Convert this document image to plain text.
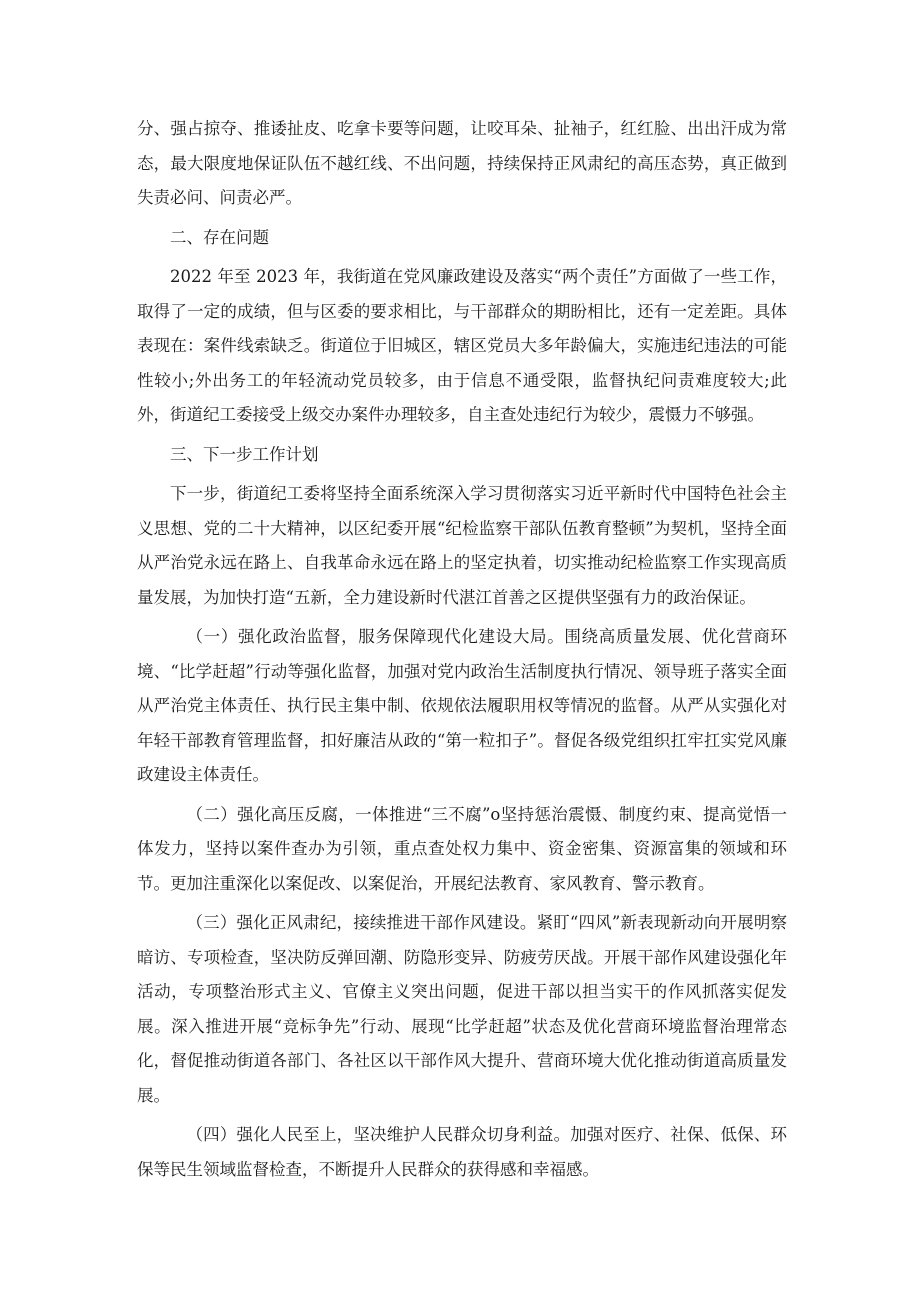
分、强占掠夺、推诿扯皮、吃拿卡要等问题，让咬耳朵、扯袖子，红红脸、出出汗成为常态，最大限度地保证队伍不越红线、不出问题，持续保持正风肃纪的高压态势，真正做到失责必问、问责必严。

二、存在问题

2022 年至 2023 年，我街道在党风廉政建设及落实“两个责任”方面做了一些工作，取得了一定的成绩，但与区委的要求相比，与干部群众的期盼相比，还有一定差距。具体表现在：案件线索缺乏。街道位于旧城区，辖区党员大多年龄偏大，实施违纪违法的可能性较小;外出务工的年轻流动党员较多，由于信息不通受限，监督执纪问责难度较大;此外，街道纪工委接受上级交办案件办理较多，自主查处违纪行为较少，震慑力不够强。

三、下一步工作计划

下一步，街道纪工委将坚持全面系统深入学习贯彻落实习近平新时代中国特色社会主义思想、党的二十大精神，以区纪委开展“纪检监察干部队伍教育整顿”为契机，坚持全面从严治党永远在路上、自我革命永远在路上的坚定执着，切实推动纪检监察工作实现高质量发展，为加快打造“五新，全力建设新时代湛江首善之区提供坚强有力的政治保证。

（一）强化政治监督，服务保障现代化建设大局。围绕高质量发展、优化营商环境、“比学赶超”行动等强化监督，加强对党内政治生活制度执行情况、领导班子落实全面从严治党主体责任、执行民主集中制、依规依法履职用权等情况的监督。从严从实强化对年轻干部教育管理监督，扣好廉洁从政的“第一粒扣子”。督促各级党组织扛牢扛实党风廉政建设主体责任。

（二）强化高压反腐，一体推进“三不腐”o坚持惩治震慑、制度约束、提高觉悟一体发力，坚持以案件查办为引领，重点查处权力集中、资金密集、资源富集的领域和环节。更加注重深化以案促改、以案促治，开展纪法教育、家风教育、警示教育。

（三）强化正风肃纪，接续推进干部作风建设。紧盯“四风”新表现新动向开展明察暗访、专项检查，坚决防反弹回潮、防隐形变异、防疲劳厌战。开展干部作风建设强化年活动，专项整治形式主义、官僚主义突出问题，促进干部以担当实干的作风抓落实促发展。深入推进开展“竞标争先”行动、展现“比学赶超”状态及优化营商环境监督治理常态化，督促推动街道各部门、各社区以干部作风大提升、营商环境大优化推动街道高质量发展。

（四）强化人民至上，坚决维护人民群众切身利益。加强对医疗、社保、低保、环保等民生领域监督检查，不断提升人民群众的获得感和幸福感。
